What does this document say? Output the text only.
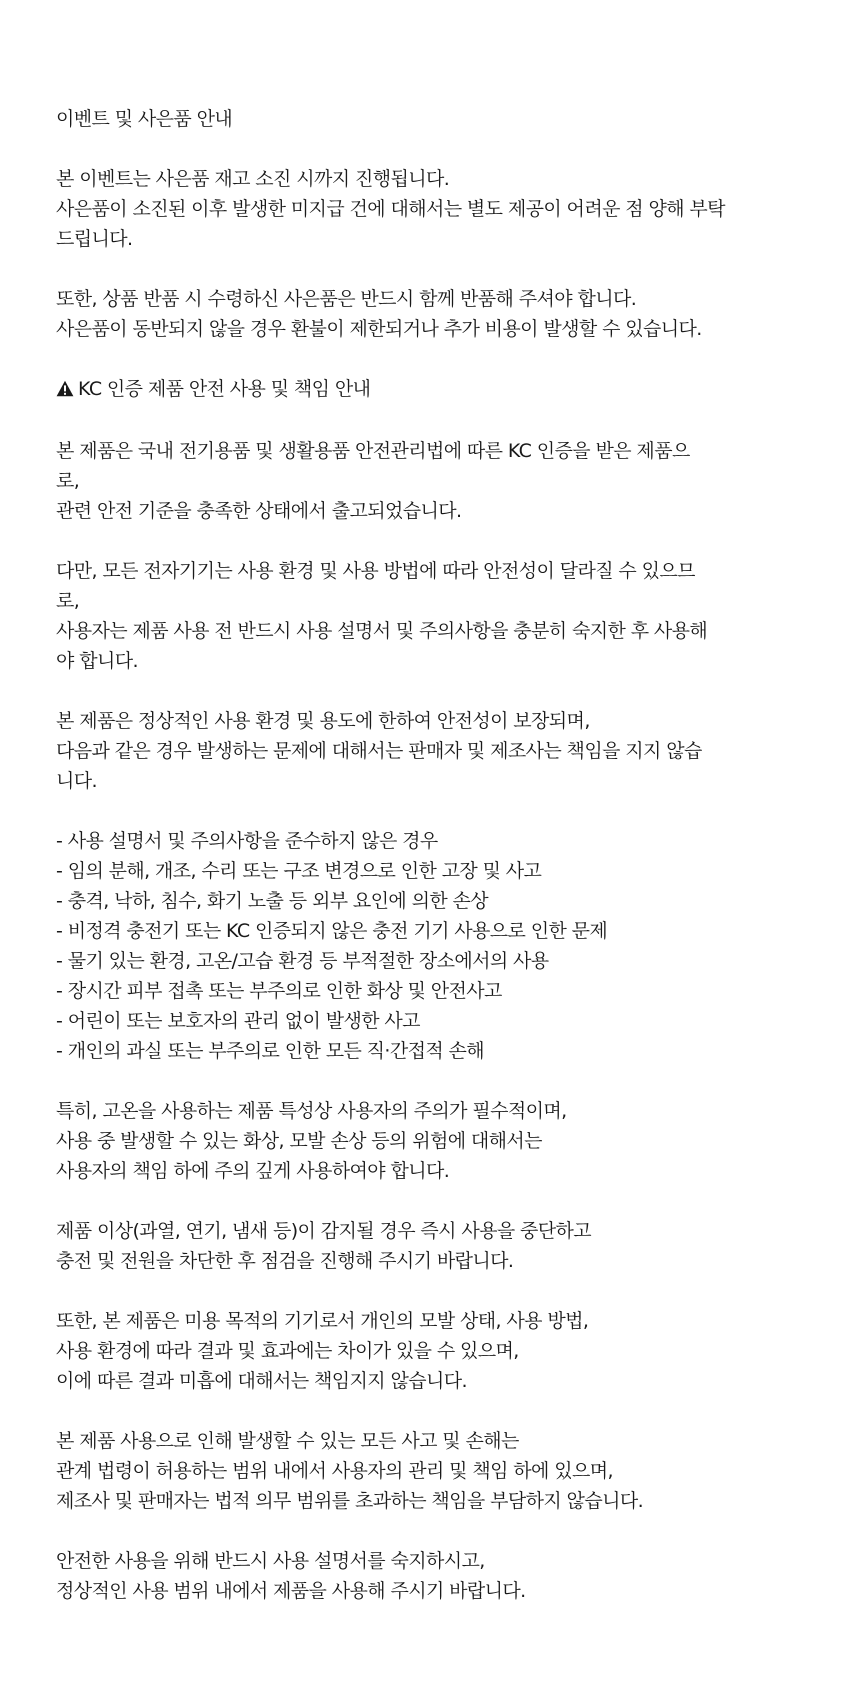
이벤트 및 사은품 안내
본 이벤트는 사은품 재고 소진 시까지 진행됩니다.
사은품이 소진된 이후 발생한 미지급 건에 대해서는 별도 제공이 어려운 점 양해 부탁
드립니다.
또한, 상품 반품 시 수령하신 사은품은 반드시 함께 반품해 주셔야 합니다.
사은품이 동반되지 않을 경우 환불이 제한되거나 추가 비용이 발생할 수 있습니다.
KC 인증 제품 안전 사용 및 책임 안내
본 제품은 국내 전기용품 및 생활용품 안전관리법에 따른 KC 인증을 받은 제품으
로,
관련 안전 기준을 충족한 상태에서 출고되었습니다.
다만, 모든 전자기기는 사용 환경 및 사용 방법에 따라 안전성이 달라질 수 있으므
로,
사용자는 제품 사용 전 반드시 사용 설명서 및 주의사항을 충분히 숙지한 후 사용해
야 합니다.
본 제품은 정상적인 사용 환경 및 용도에 한하여 안전성이 보장되며,
다음과 같은 경우 발생하는 문제에 대해서는 판매자 및 제조사는 책임을 지지 않습
니다.
- 사용 설명서 및 주의사항을 준수하지 않은 경우
- 임의 분해, 개조, 수리 또는 구조 변경으로 인한 고장 및 사고
- 충격, 낙하, 침수, 화기 노출 등 외부 요인에 의한 손상
- 비정격 충전기 또는 KC 인증되지 않은 충전 기기 사용으로 인한 문제
- 물기 있는 환경, 고온/고습 환경 등 부적절한 장소에서의 사용
- 장시간 피부 접촉 또는 부주의로 인한 화상 및 안전사고
- 어린이 또는 보호자의 관리 없이 발생한 사고
- 개인의 과실 또는 부주의로 인한 모든 직·간접적 손해
특히, 고온을 사용하는 제품 특성상 사용자의 주의가 필수적이며,
사용 중 발생할 수 있는 화상, 모발 손상 등의 위험에 대해서는
사용자의 책임 하에 주의 깊게 사용하여야 합니다.
제품 이상(과열, 연기, 냄새 등)이 감지될 경우 즉시 사용을 중단하고
충전 및 전원을 차단한 후 점검을 진행해 주시기 바랍니다.
또한, 본 제품은 미용 목적의 기기로서 개인의 모발 상태, 사용 방법,
사용 환경에 따라 결과 및 효과에는 차이가 있을 수 있으며,
이에 따른 결과 미흡에 대해서는 책임지지 않습니다.
본 제품 사용으로 인해 발생할 수 있는 모든 사고 및 손해는
관계 법령이 허용하는 범위 내에서 사용자의 관리 및 책임 하에 있으며,
제조사 및 판매자는 법적 의무 범위를 초과하는 책임을 부담하지 않습니다.
안전한 사용을 위해 반드시 사용 설명서를 숙지하시고,
정상적인 사용 범위 내에서 제품을 사용해 주시기 바랍니다.
